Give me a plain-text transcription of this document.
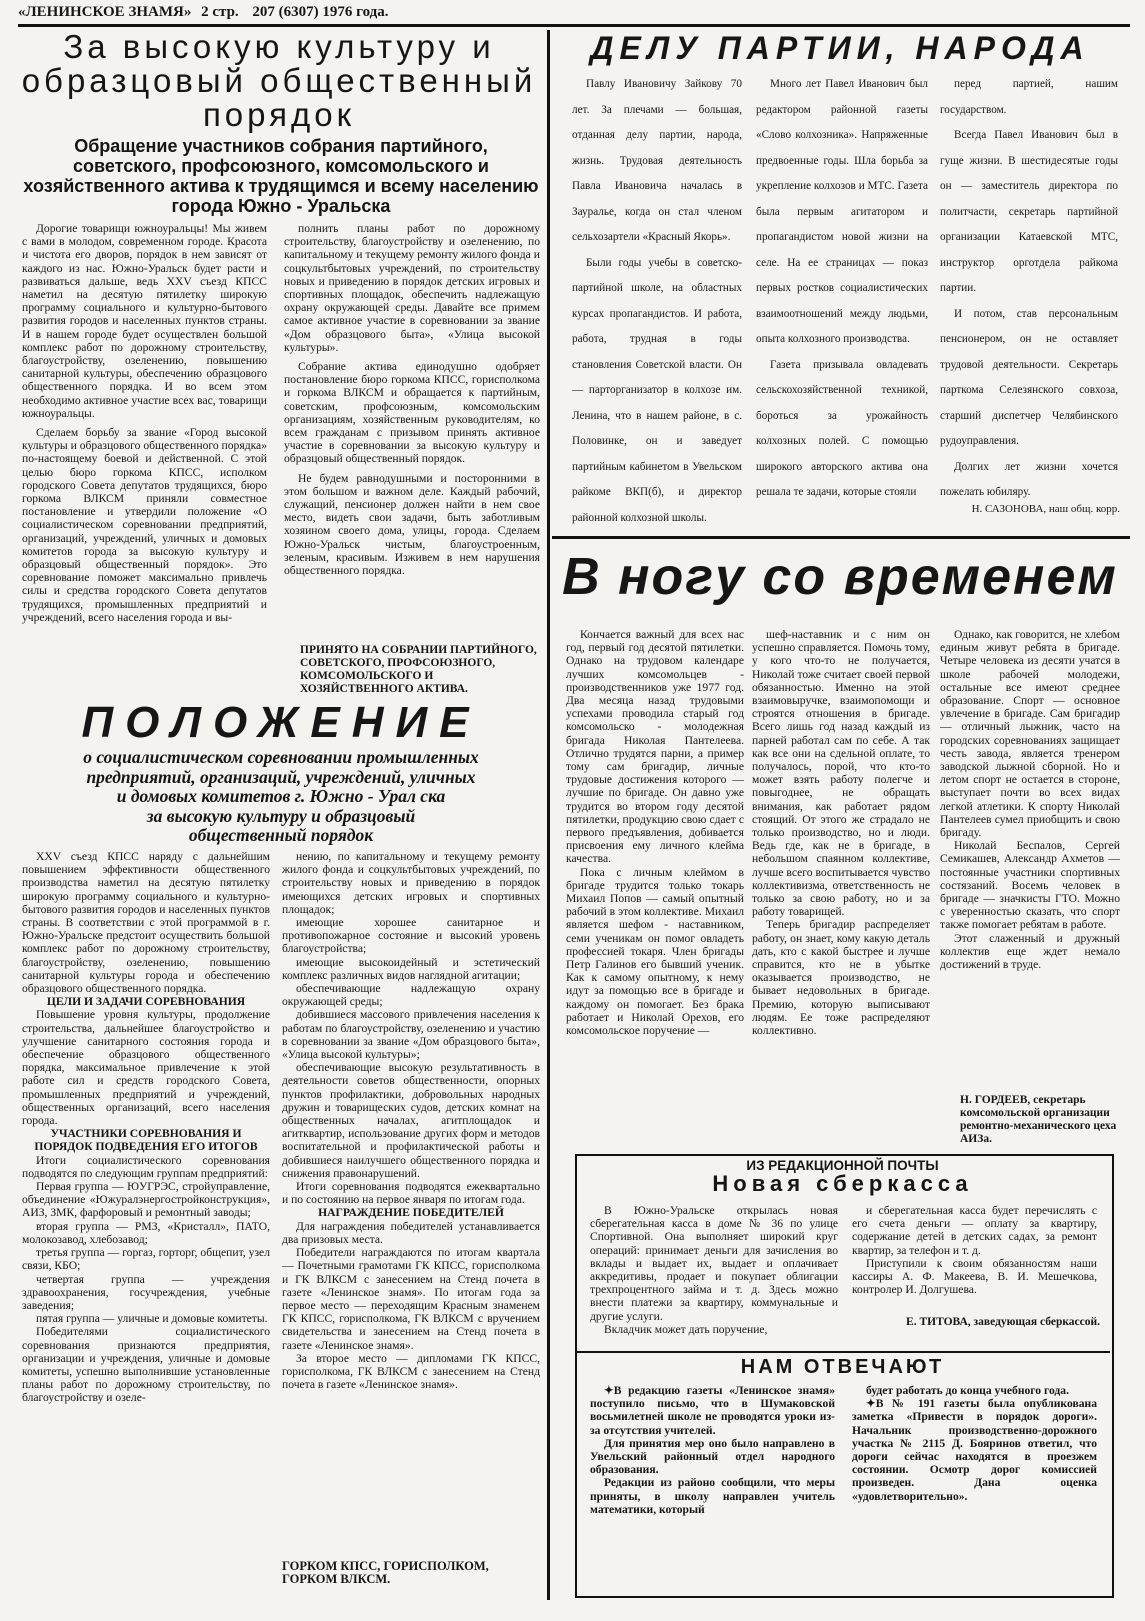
«ЛЕНИНСКОЕ ЗНАМЯ» 2 стр. 207 (6307) 1976 года.
За высокую культуру и образцовый общественный порядок
Обращение участников собрания партийного, советского, профсоюзного, комсомольского и хозяйственного актива к трудящимся и всему населению города Южно - Уральска

Дорогие товарищи южноуральцы! Мы живем с вами в молодом, современном городе. Красота и чистота его дворов, порядок в нем зависят от каждого из нас. Южно-Уральск будет расти и развиваться дальше, ведь XXV съезд КПСС наметил на десятую пятилетку широкую программу социального и культурно-бытового развития городов и населенных пунктов страны. И в нашем городе будет осуществлен большой комплекс работ по дорожному строительству, благоустройству, озеленению, повышению санитарной культуры, обеспечению образцового общественного порядка. И во всем этом необходимо активное участие всех вас, товарищи южноуральцы.

Сделаем борьбу за звание «Город высокой культуры и образцового общественного порядка» по-настоящему боевой и действенной. С этой целью бюро горкома КПСС, исполком городского Совета депутатов трудящихся, бюро горкома ВЛКСМ приняли совместное постановление и утвердили положение «О социалистическом соревновании предприятий, организаций, учреждений, уличных и домовых комитетов города за высокую культуру и образцовый общественный порядок». Это соревнование поможет максимально привлечь силы и средства городского Совета депутатов трудящихся, промышленных предприятий и учреждений, всего населения города и вы-

полнить планы работ по дорожному строительству, благоустройству и озеленению, по капитальному и текущему ремонту жилого фонда и соцкультбытовых учреждений, по строительству новых и приведению в порядок детских игровых и спортивных площадок, обеспечить надлежащую охрану окружающей среды. Давайте все примем самое активное участие в соревновании за звание «Дом образцового быта», «Улица высокой культуры».

Собрание актива единодушно одобряет постановление бюро горкома КПСС, горисполкома и горкома ВЛКСМ и обращается к партийным, советским, профсоюзным, комсомольским организациям, хозяйственным руководителям, ко всем гражданам с призывом принять активное участие в соревновании за высокую культуру и образцовый общественный порядок.

Не будем равнодушными и посторонними в этом большом и важном деле. Каждый рабочий, служащий, пенсионер должен найти в нем свое место, видеть свои задачи, быть заботливым хозяином своего дома, улицы, города. Сделаем Южно-Уральск чистым, благоустроенным, зеленым, красивым. Изживем в нем нарушения общественного порядка.

ПРИНЯТО НА СОБРАНИИ ПАРТИЙНОГО, СОВЕТСКОГО, ПРОФСОЮЗНОГО, КОМСОМОЛЬСКОГО И ХОЗЯЙСТВЕННОГО АКТИВА.
ПОЛОЖЕНИЕ
о социалистическом соревновании промышленных
предприятий, организаций, учреждений, уличных
и домовых комитетов г. Южно - Урал ска
за высокую культуру и образцовый
общественный порядок

XXV съезд КПСС наряду с дальнейшим повышением эффективности общественного производства наметил на десятую пятилетку широкую программу социального и культурно-бытового развития городов и населенных пунктов страны. В соответствии с этой программой в г. Южно-Уральске предстоит осуществить большой комплекс работ по дорожному строительству, благоустройству, озеленению, повышению санитарной культуры города и обеспечению образцового общественного порядка.

ЦЕЛИ И ЗАДАЧИ СОРЕВНОВАНИЯ

Повышение уровня культуры, продолжение строительства, дальнейшее благоустройство и улучшение санитарного состояния города и обеспечение образцового общественного порядка, максимальное привлечение к этой работе сил и средств городского Совета, промышленных предприятий и учреждений, общественных организаций, всего населения города.

УЧАСТНИКИ СОРЕВНОВАНИЯ И ПОРЯДОК ПОДВЕДЕНИЯ ЕГО ИТОГОВ

Итоги социалистического соревнования подводятся по следующим группам предприятий:

Первая группа — ЮУГРЭС, стройуправление, объединение «Южуралэнергостройконструкция», АИЗ, ЗМК, фарфоровый и ремонтный заводы;

вторая группа — РМЗ, «Кристалл», ПАТО, молокозавод, хлебозавод;

третья группа — горгаз, горторг, общепит, узел связи, КБО;

четвертая группа — учреждения здравоохранения, госучреждения, учебные заведения;

пятая группа — уличные и домовые комитеты.

Победителями социалистического соревнования признаются предприятия, организации и учреждения, уличные и домовые комитеты, успешно выполнившие установленные планы работ по дорожному строительству, по благоустройству и озеле-

нению, по капитальному и текущему ремонту жилого фонда и соцкультбытовых учреждений, по строительству новых и приведению в порядок имеющихся детских игровых и спортивных площадок;

имеющие хорошее санитарное и противопожарное состояние и высокий уровень благоустройства;

имеющие высокоидейный и эстетический комплекс различных видов наглядной агитации;

обеспечивающие надлежащую охрану окружающей среды;

добившиеся массового привлечения населения к работам по благоустройству, озеленению и участию в соревновании за звание «Дом образцового быта», «Улица высокой культуры»;

обеспечивающие высокую результативность в деятельности советов общественности, опорных пунктов профилактики, добровольных народных дружин и товарищеских судов, детских комнат на общественных началах, агитплощадок и агитквартир, использование других форм и методов воспитательной и профилактической работы и добившиеся наилучшего общественного порядка и снижения правонарушений.

Итоги соревнования подводятся ежеквартально и по состоянию на первое января по итогам года.

НАГРАЖДЕНИЕ ПОБЕДИТЕЛЕЙ

Для награждения победителей устанавливается два призовых места.

Победители награждаются по итогам квартала — Почетными грамотами ГК КПСС, горисполкома и ГК ВЛКСМ с занесением на Стенд почета в газете «Ленинское знамя». По итогам года за первое место — переходящим Красным знаменем ГК КПСС, горисполкома, ГК ВЛКСМ с вручением свидетельства и занесением на Стенд почета в газете «Ленинское знамя».

За второе место — дипломами ГК КПСС, горисполкома, ГК ВЛКСМ с занесением на Стенд почета в газете «Ленинское знамя».

ГОРКОМ КПСС, ГОРИСПОЛКОМ, ГОРКОМ ВЛКСМ.
ДЕЛУ ПАРТИИ, НАРОДА

Павлу Ивановичу Зайкову 70 лет. За плечами — большая, отданная делу партии, народа, жизнь. Трудовая деятельность Павла Ивановича началась в Зауралье, когда он стал членом сельхозартели «Красный Якорь».

Были годы учебы в советско-партийной школе, на областных курсах пропагандистов. И работа, работа, трудная в годы становления Советской власти. Он — парторганизатор в колхозе им. Ленина, что в нашем районе, в с. Половинке, он и заведует партийным кабинетом в Увельском райкоме ВКП(б), и директор районной колхозной школы.

Много лет Павел Иванович был редактором районной газеты «Слово колхозника». Напряженные предвоенные годы. Шла борьба за укрепление колхозов и МТС. Газета была первым агитатором и пропагандистом новой жизни на селе. На ее страницах — показ первых ростков социалистических взаимоотношений между людьми, опыта колхозного производства.

Газета призывала овладевать сельскохозяйственной техникой, бороться за урожайность колхозных полей. С помощью широкого авторского актива она решала те задачи, которые стояли

перед партией, нашим государством.

Всегда Павел Иванович был в гуще жизни. В шестидесятые годы он — заместитель директора по политчасти, секретарь партийной организации Катаевской МТС, инструктор орготдела райкома партии.

И потом, став персональным пенсионером, он не оставляет трудовой деятельности. Секретарь парткома Селезянского совхоза, старший диспетчер Челябинского рудоуправления.

Долгих лет жизни хочется пожелать юбиляру.

Н. САЗОНОВА, наш общ. корр.
В ногу со временем

Кончается важный для всех нас год, первый год десятой пятилетки. Однако на трудовом календаре лучших комсомольцев - производственников уже 1977 год. Два месяца назад трудовыми успехами проводила старый год комсомольско - молодежная бригада Николая Пантелеева. Отлично трудятся парни, а пример тому сам бригадир, личные трудовые достижения которого — лучшие по бригаде. Он давно уже трудится во втором году десятой пятилетки, продукцию свою сдает с первого предъявления, добивается присвоения ему личного клейма качества.

Пока с личным клеймом в бригаде трудится только токарь Михаил Попов — самый опытный рабочий в этом коллективе. Михаил является шефом - наставником, семи ученикам он помог овладеть профессией токаря. Член бригады Петр Галинов его бывший ученик. Как к самому опытному, к нему идут за помощью все в бригаде и каждому он помогает. Без брака работает и Николай Орехов, его комсомольское поручение —

шеф-наставник и с ним он успешно справляется. Помочь тому, у кого что-то не получается, Николай тоже считает своей первой обязанностью. Именно на этой взаимовыручке, взаимопомощи и строятся отношения в бригаде. Всего лишь год назад каждый из парней работал сам по себе. А так как все они на сдельной оплате, то получалось, порой, что кто-то может взять работу полегче и повыгоднее, не обращать внимания, как работает рядом стоящий. От этого же страдало не только производство, но и люди. Ведь где, как не в бригаде, в небольшом спаянном коллективе, лучше всего воспитывается чувство коллективизма, ответственность не только за свою работу, но и за работу товарищей.

Теперь бригадир распределяет работу, он знает, кому какую деталь дать, кто с какой быстрее и лучше справится, кто не в убытке оказывается производство, не бывает недовольных в бригаде. Премию, которую выписывают людям. Ее тоже распределяют коллективно.

Однако, как говорится, не хлебом единым живут ребята в бригаде. Четыре человека из десяти учатся в школе рабочей молодежи, остальные все имеют среднее образование. Спорт — основное увлечение в бригаде. Сам бригадир — отличный лыжник, часто на городских соревнованиях защищает честь завода, является тренером заводской лыжной сборной. Но и летом спорт не остается в стороне, выступает почти во всех видах легкой атлетики. К спорту Николай Пантелеев сумел приобщить и свою бригаду.

Николай Беспалов, Сергей Семикашев, Александр Ахметов — постоянные участники спортивных состязаний. Восемь человек в бригаде — значкисты ГТО. Можно с уверенностью сказать, что спорт также помогает ребятам в работе.

Этот слаженный и дружный коллектив еще ждет немало достижений в труде.

Н. ГОРДЕЕВ, секретарь комсомольской организации ремонтно-механического цеха АИЗа.
ИЗ РЕДАКЦИОННОЙ ПОЧТЫ
Новая сберкасса

В Южно-Уральске открылась новая сберегательная касса в доме № 36 по улице Спортивной. Она выполняет широкий круг операций: принимает деньги для зачисления во вклады и выдает их, выдает и оплачивает аккредитивы, продает и покупает облигации трехпроцентного займа и т. д. Здесь можно внести платежи за квартиру, коммунальные и другие услуги.

Вкладчик может дать поручение,

и сберегательная касса будет перечислять с его счета деньги — оплату за квартиру, содержание детей в детских садах, за ремонт квартир, за телефон и т. д.

Приступили к своим обязанностям наши кассиры А. Ф. Макеева, В. И. Мешечкова, контролер И. Долгушева.

Е. ТИТОВА, заведующая сберкассой.
НАМ ОТВЕЧАЮТ

✦В редакцию газеты «Ленинское знамя» поступило письмо, что в Шумаковской восьмилетней школе не проводятся уроки из-за отсутствия учителей.

Для принятия мер оно было направлено в Увельский районный отдел народного образования.

Редакции из районо сообщили, что меры приняты, в школу направлен учитель математики, который

будет работать до конца учебного года.

✦В № 191 газеты была опубликована заметка «Привести в порядок дороги». Начальник производственно-дорожного участка № 2115 Д. Бояринов ответил, что дороги сейчас находятся в проезжем состоянии. Осмотр дорог комиссией произведен. Дана оценка «удовлетворительно».
